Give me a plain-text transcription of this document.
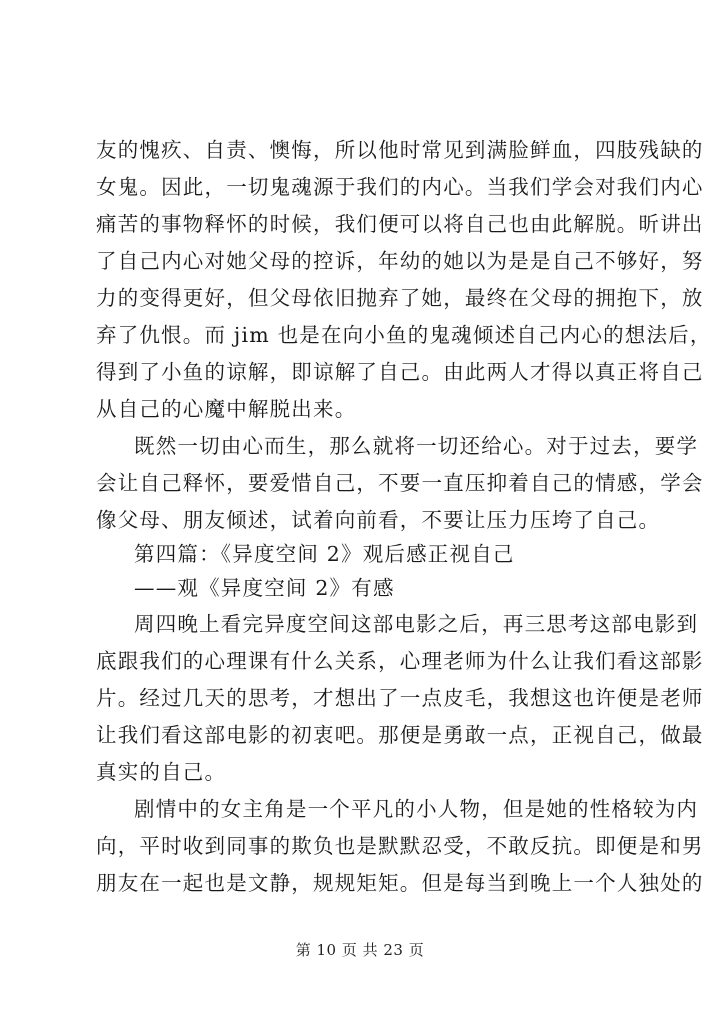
友的愧疚、自责、懊悔，所以他时常见到满脸鲜血，四肢残缺的
女鬼。因此，一切鬼魂源于我们的内心。当我们学会对我们内心
痛苦的事物释怀的时候，我们便可以将自己也由此解脱。昕讲出
了自己内心对她父母的控诉，年幼的她以为是是自己不够好，努
力的变得更好，但父母依旧抛弃了她，最终在父母的拥抱下，放
弃了仇恨。而 jim 也是在向小鱼的鬼魂倾述自己内心的想法后，
得到了小鱼的谅解，即谅解了自己。由此两人才得以真正将自己
从自己的心魔中解脱出来。
既然一切由心而生，那么就将一切还给心。对于过去，要学
会让自己释怀，要爱惜自己，不要一直压抑着自己的情感，学会
像父母、朋友倾述，试着向前看，不要让压力压垮了自己。
第四篇：《异度空间 2》观后感正视自己
——观《异度空间 2》有感
周四晚上看完异度空间这部电影之后，再三思考这部电影到
底跟我们的心理课有什么关系，心理老师为什么让我们看这部影
片。经过几天的思考，才想出了一点皮毛，我想这也许便是老师
让我们看这部电影的初衷吧。那便是勇敢一点，正视自己，做最
真实的自己。
剧情中的女主角是一个平凡的小人物，但是她的性格较为内
向，平时收到同事的欺负也是默默忍受，不敢反抗。即便是和男
朋友在一起也是文静，规规矩矩。但是每当到晚上一个人独处的
第 10 页 共 23 页
